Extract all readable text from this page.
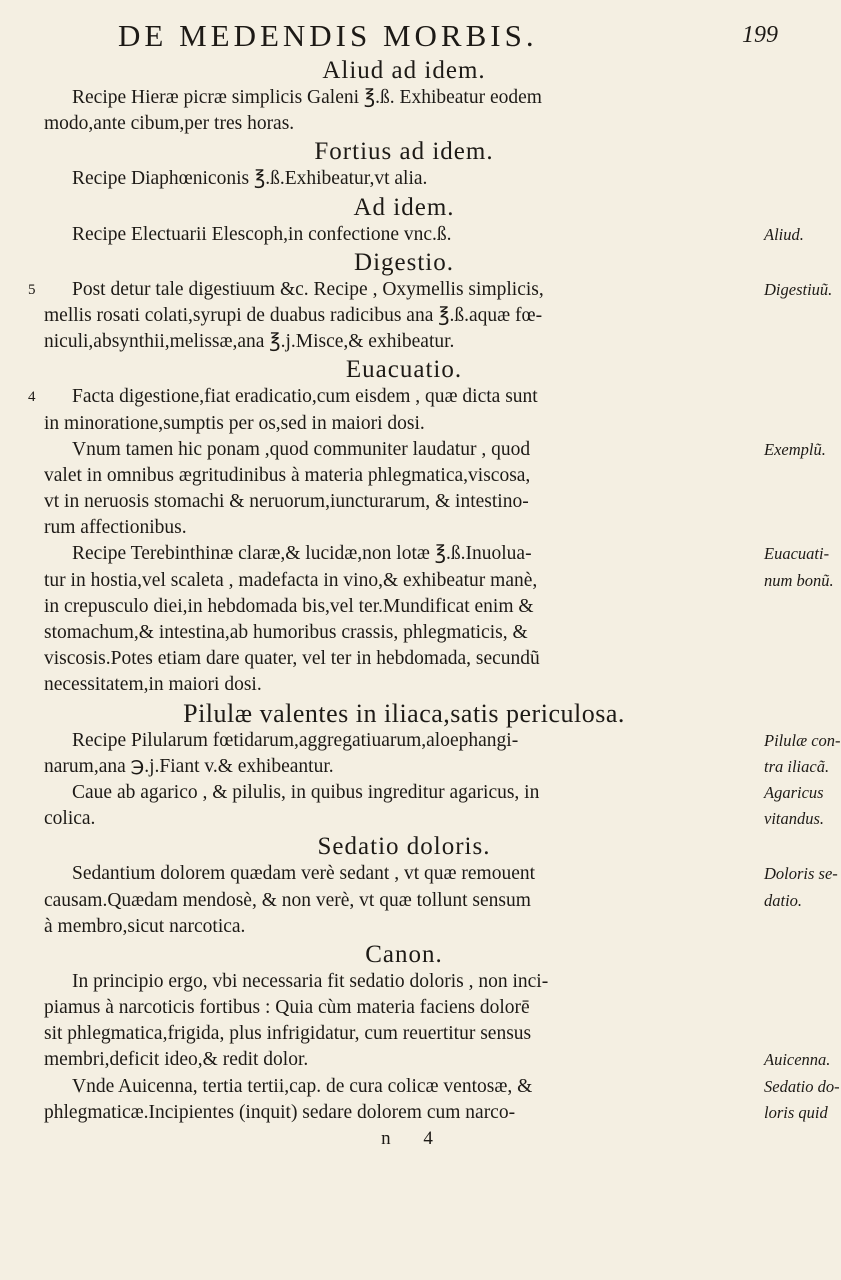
DE MEDENDIS MORBIS.	199
Aliud ad idem.
Recipe Hieræ picræ simplicis Galeni ℥.ß. Exhibeatur eodem
modo,ante cibum,per tres horas.
Fortius ad idem.
Recipe Diaphœniconis ℥.ß.Exhibeatur,vt alia.
Ad idem.
Recipe Electuarii Elescoph,in confectione vnc.ß.	Aliud.
Digestio.
5 Post detur tale digestiuum &c. Recipe , Oxymellis simplicis,	Digestiuũ.
mellis rosati colati,syrupi de duabus radicibus ana ℥.ß.aquæ fœ-
niculi,absynthii,melissæ,ana ℥.j.Misce,& exhibeatur.
Euacuatio.
4 Facta digestione,fiat eradicatio,cum eisdem , quæ dicta sunt
in minoratione,sumptis per os,sed in maiori dosi.
Vnum tamen hic ponam ,quod communiter laudatur , quod	Exemplũ.
valet in omnibus ægritudinibus à materia phlegmatica,viscosa,
vt in neruosis stomachi & neruorum,iuncturarum, & intestino-
rum affectionibus.
Recipe Terebinthinæ claræ,& lucidæ,non lotæ ℥.ß.Inuolua-	Euacuati-
tur in hostia,vel scaleta , madefacta in vino,& exhibeatur manè,	num bonũ.
in crepusculo diei,in hebdomada bis,vel ter.Mundificat enim &
stomachum,& intestina,ab humoribus crassis, phlegmaticis, &
viscosis.Potes etiam dare quater, vel ter in hebdomada, secundũ
necessitatem,in maiori dosi.
Pilulæ valentes in iliaca,satis periculosa.
Recipe Pilularum fœtidarum,aggregatiuarum,aloephangi-	Pilulæ con-
narum,ana ℈.j.Fiant v.& exhibeantur.	tra iliacã.
Caue ab agarico , & pilulis, in quibus ingreditur agaricus, in	Agaricus
colica.	vitandus.
Sedatio doloris.
Sedantium dolorem quædam verè sedant , vt quæ remouent	Doloris se-
causam.Quædam mendosè, & non verè, vt quæ tollunt sensum	datio.
à membro,sicut narcotica.
Canon.
In principio ergo, vbi necessaria fit sedatio doloris , non inci-
piamus à narcoticis fortibus : Quia cùm materia faciens dolorē
sit phlegmatica,frigida, plus infrigidatur, cum reuertitur sensus
membri,deficit ideo,& redit dolor.	Auicenna.
Vnde Auicenna, tertia tertii,cap. de cura colicæ ventosæ, &	Sedatio do-
phlegmaticæ.Incipientes (inquit) sedare dolorem cum narco-	loris quid
n 4
